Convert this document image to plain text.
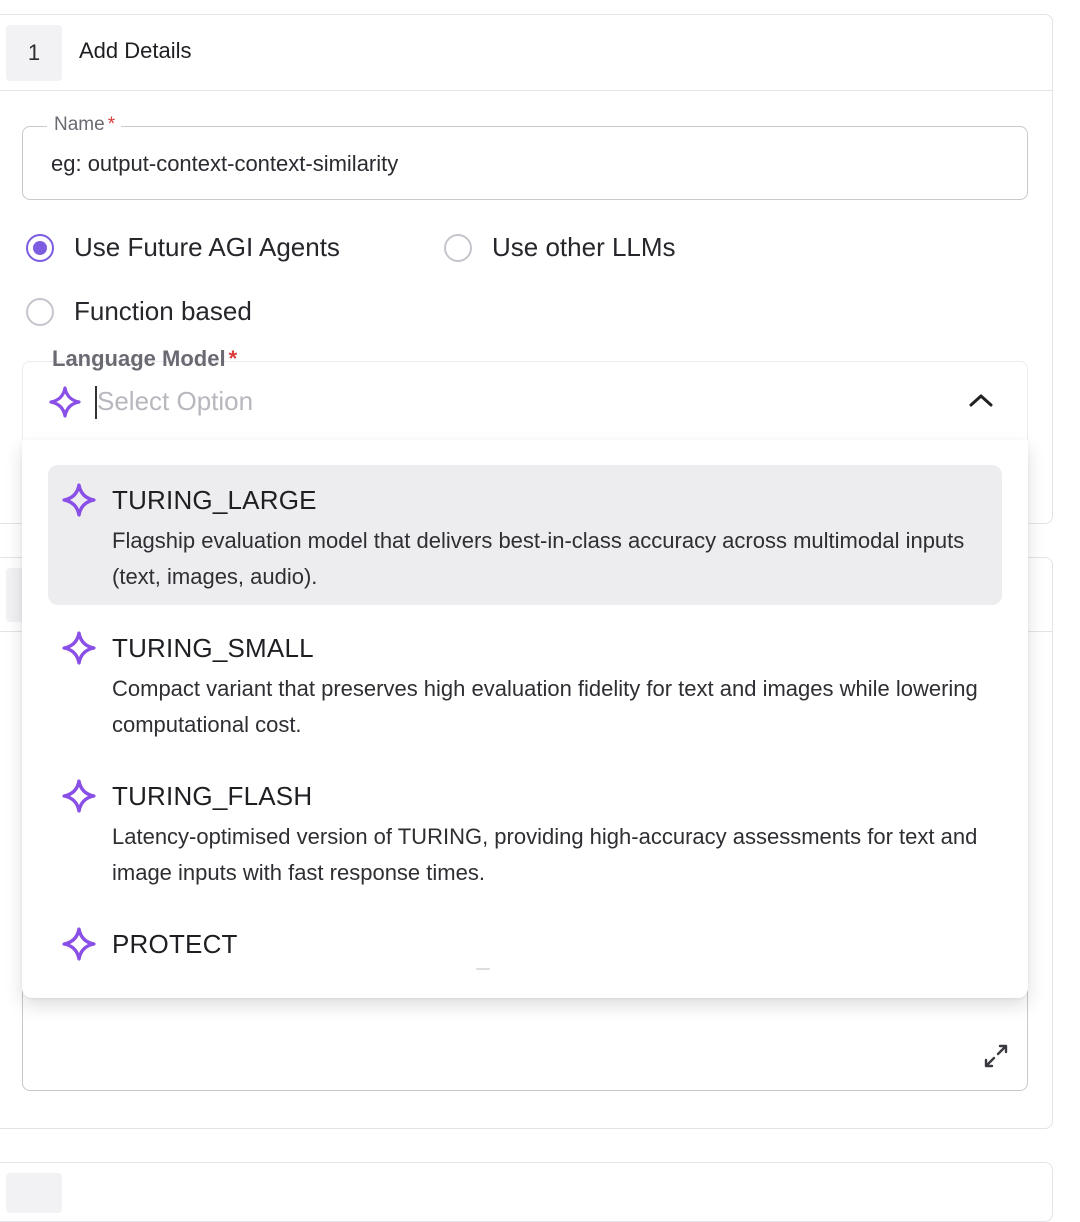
1	Add Details
Name *
eg: output-context-context-similarity
Use Future AGI Agents	Use other LLMs
Function based
Select Option
Language Model *
TURING_LARGE
Flagship evaluation model that delivers best-in-class accuracy across multimodal inputs (text, images, audio).
TURING_SMALL
Compact variant that preserves high evaluation fidelity for text and images while lowering computational cost.
TURING_FLASH
Latency-optimised version of TURING, providing high-accuracy assessments for text and image inputs with fast response times.
PROTECT
